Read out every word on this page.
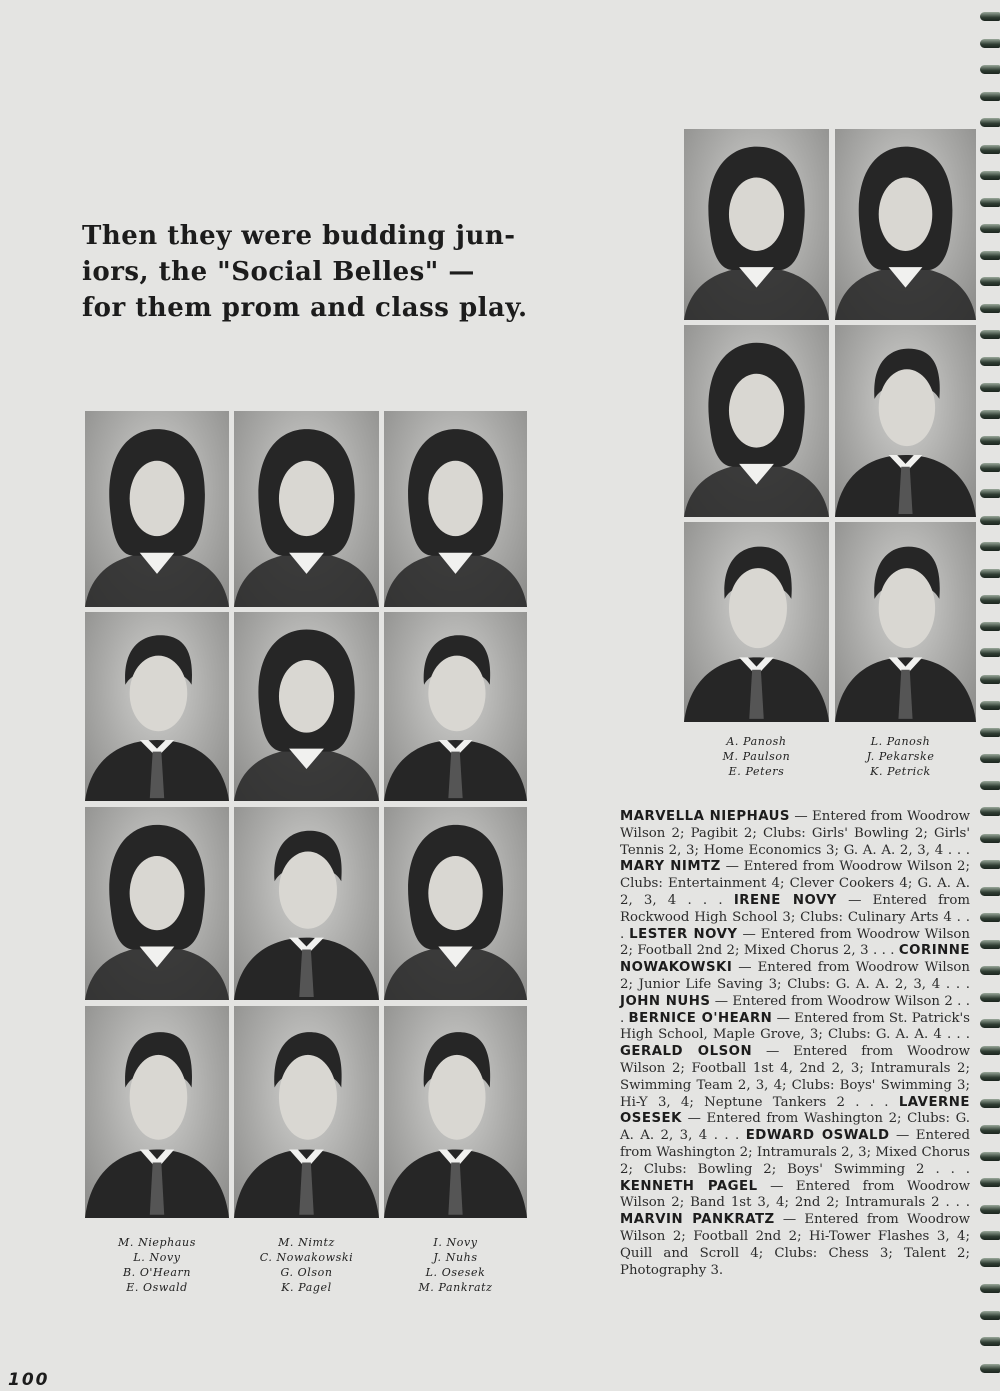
Then they were budding jun-
iors, the "Social Belles" —
for them prom and class play.
A. Panosh
M. Paulson
E. Peters
L. Panosh
J. Pekarske
K. Petrick
M. Niephaus
L. Novy
B. O'Hearn
E. Oswald
M. Nimtz
C. Nowakowski
G. Olson
K. Pagel
I. Novy
J. Nuhs
L. Osesek
M. Pankratz
MARVELLA NIEPHAUS — Entered from Woodrow Wilson 2; Pagibit 2; Clubs: Girls' Bowling 2; Girls' Tennis 2, 3; Home Economics 3; G. A. A. 2, 3, 4 . . . MARY NIMTZ — Entered from Woodrow Wilson 2; Clubs: Entertainment 4; Clever Cookers 4; G. A. A. 2, 3, 4 . . . IRENE NOVY — Entered from Rockwood High School 3; Clubs: Culinary Arts 4 . . . LESTER NOVY — Entered from Woodrow Wilson 2; Football 2nd 2; Mixed Chorus 2, 3 . . . CORINNE NOWAKOWSKI — Entered from Woodrow Wilson 2; Junior Life Saving 3; Clubs: G. A. A. 2, 3, 4 . . . JOHN NUHS — Entered from Woodrow Wilson 2 . . . BERNICE O'HEARN — Entered from St. Patrick's High School, Maple Grove, 3; Clubs: G. A. A. 4 . . . GERALD OLSON — Entered from Woodrow Wilson 2; Football 1st 4, 2nd 2, 3; Intramurals 2; Swimming Team 2, 3, 4; Clubs: Boys' Swimming 3; Hi-Y 3, 4; Neptune Tankers 2 . . . LAVERNE OSESEK — Entered from Washington 2; Clubs: G. A. A. 2, 3, 4 . . . EDWARD OSWALD — Entered from Washington 2; Intramurals 2, 3; Mixed Chorus 2; Clubs: Bowling 2; Boys' Swimming 2 . . . KENNETH PAGEL — Entered from Woodrow Wilson 2; Band 1st 3, 4; 2nd 2; Intramurals 2 . . . MARVIN PANKRATZ — Entered from Woodrow Wilson 2; Football 2nd 2; Hi-Tower Flashes 3, 4; Quill and Scroll 4; Clubs: Chess 3; Talent 2; Photography 3.
100
